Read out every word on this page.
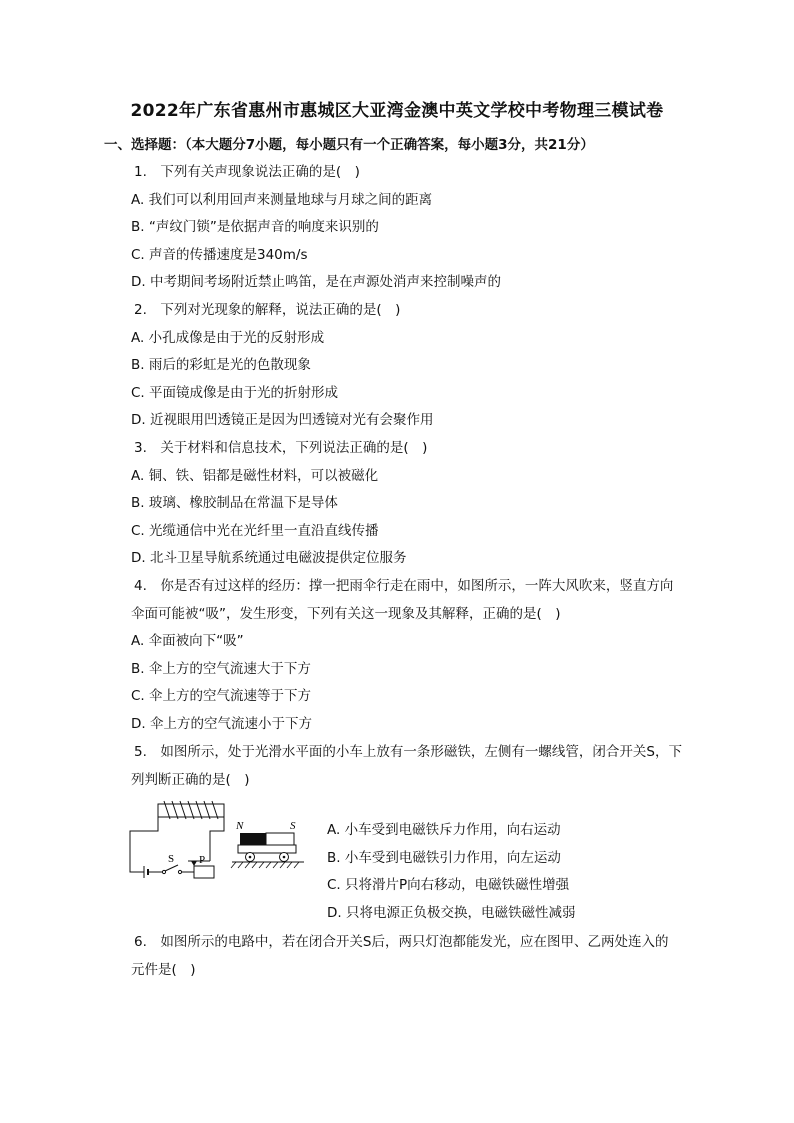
2022年广东省惠州市惠城区大亚湾金澳中英文学校中考物理三模试卷
一、选择题：（本大题分7小题，每小题只有一个正确答案，每小题3分，共21分）
1.　下列有关声现象说法正确的是(　)
A. 我们可以利用回声来测量地球与月球之间的距离
B. “声纹门锁”是依据声音的响度来识别的
C. 声音的传播速度是340m/s
D. 中考期间考场附近禁止鸣笛，是在声源处消声来控制噪声的
2.　下列对光现象的解释，说法正确的是(　)
A. 小孔成像是由于光的反射形成
B. 雨后的彩虹是光的色散现象
C. 平面镜成像是由于光的折射形成
D. 近视眼用凹透镜正是因为凹透镜对光有会聚作用
3.　关于材料和信息技术，下列说法正确的是(　)
A. 铜、铁、铝都是磁性材料，可以被磁化
B. 玻璃、橡胶制品在常温下是导体
C. 光缆通信中光在光纤里一直沿直线传播
D. 北斗卫星导航系统通过电磁波提供定位服务
4.　你是否有过这样的经历：撑一把雨伞行走在雨中，如图所示，一阵大风吹来，竖直方向
伞面可能被“吸”，发生形变，下列有关这一现象及其解释，正确的是(　)
A. 伞面被向下“吸”
B. 伞上方的空气流速大于下方
C. 伞上方的空气流速等于下方
D. 伞上方的空气流速小于下方
5.　如图所示，处于光滑水平面的小车上放有一条形磁铁，左侧有一螺线管，闭合开关S，下
列判断正确的是(　)
S P
N	S A. 小车受到电磁铁斥力作用，向右运动
B. 小车受到电磁铁引力作用，向左运动
C. 只将滑片P向右移动，电磁铁磁性增强
D. 只将电源正负极交换，电磁铁磁性减弱
6.　如图所示的电路中，若在闭合开关S后，两只灯泡都能发光，应在图甲、乙两处连入的
元件是(　)
